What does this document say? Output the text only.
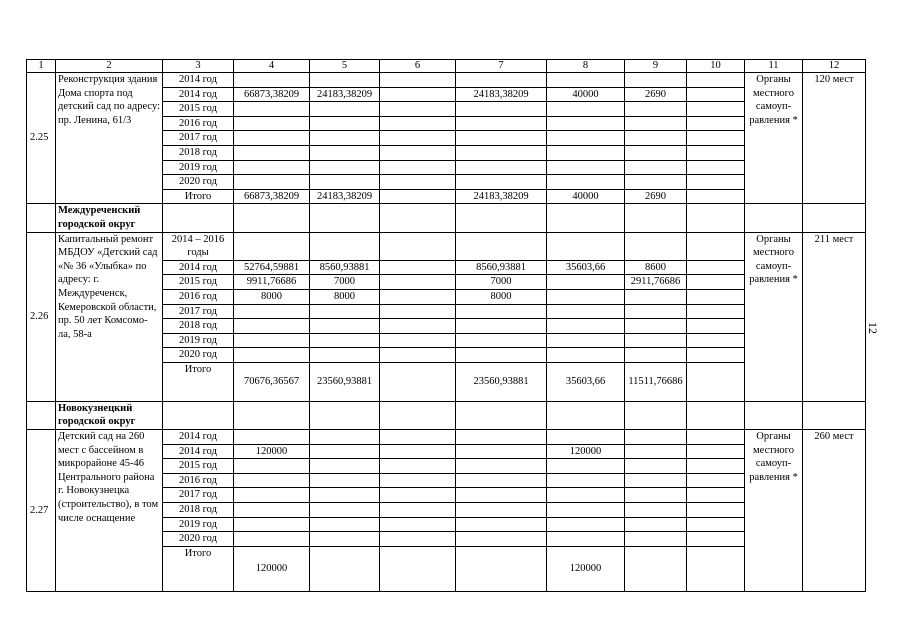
12
1	2	3	4	5	6	7	8	9	10	11	12
2.25	Реконструкция здания Дома спорта под детский сад по адресу: пр. Ленина, 61/3	2014 год								Органы местного самоуп-равления *	120 мест
		2014 год	66873,38209	24183,38209		24183,38209	40000	2690			
		2015 год									
		2016 год									
		2017 год									
		2018 год									
		2019 год									
		2020 год									
		Итого	66873,38209	24183,38209		24183,38209	40000	2690			
	Междуреченский городской округ										
2.26	Капитальный ремонт МБДОУ «Детский сад «№ 36 «Улыбка» по адресу: г. Междуреченск, Кемеровской области, пр. 50 лет Комсомо-ла, 58-а	2014 – 2016 годы								Органы местного самоуп-равления *	211 мест
		2014 год	52764,59881	8560,93881		8560,93881	35603,66	8600			
		2015 год	9911,76686	7000		7000		2911,76686			
		2016 год	8000	8000		8000					
		2017 год									
		2018 год									
		2019 год									
		2020 год									
		Итого	70676,36567	23560,93881		23560,93881	35603,66	11511,76686			
	Новокузнецкий городской округ										
2.27	Детский сад на 260 мест с бассейном в микрорайоне 45-46 Центрального района г. Новокузнецка (строительство), в том числе оснащение	2014 год								Органы местного самоуп-равления *	260 мест
		2014 год	120000				120000				
		2015 год									
		2016 год									
		2017 год									
		2018 год									
		2019 год									
		2020 год									
		Итого	120000				120000				
